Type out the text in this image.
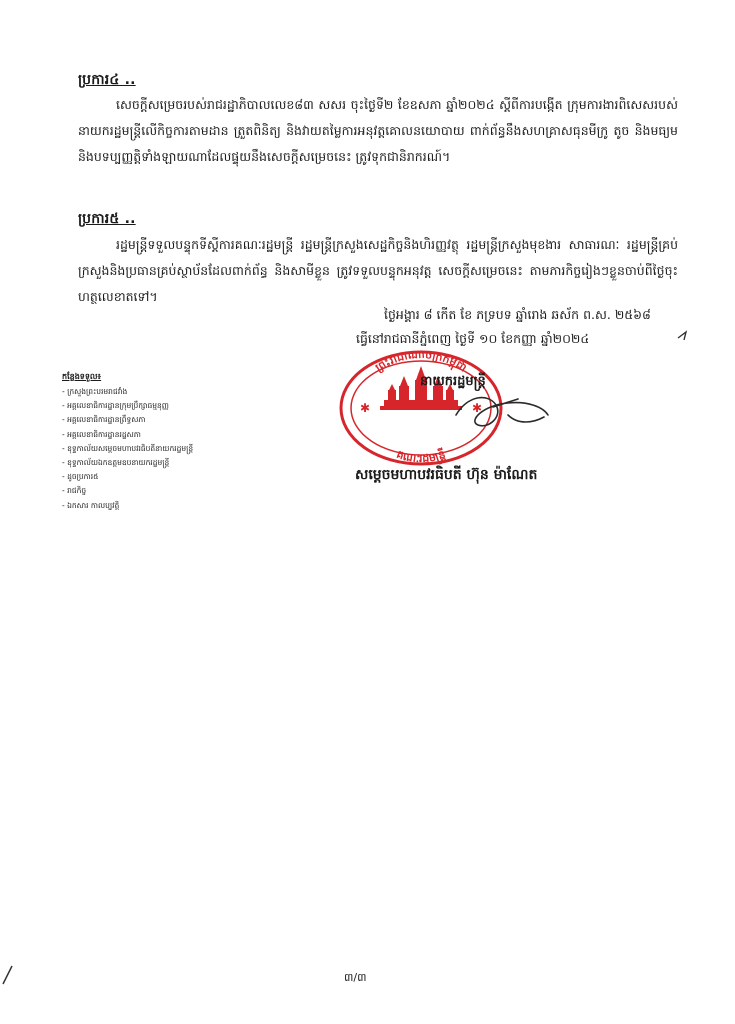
ប្រការ៤ ..
សេចក្តីសម្រេចរបស់រាជរដ្ឋាភិបាលលេខ៨៣ សសរ ចុះថ្ងៃទី២ ខែឧសភា ឆ្នាំ២០២៤ ស្តីពីការបង្កើត ក្រុមការងារពិសេសរបស់នាយករដ្ឋមន្ត្រីលើកិច្ចការតាមដាន ត្រួតពិនិត្យ និងវាយតម្លៃការអនុវត្តគោលនយោបាយ ពាក់ព័ន្ធនឹងសហគ្រាសធុនមីក្រូ តូច និងមធ្យម និងបទប្បញ្ញត្តិទាំងឡាយណាដែលផ្ទុយនឹងសេចក្តីសម្រេចនេះ ត្រូវទុកជានិរាករណ៍។
ប្រការ៥ ..
រដ្ឋមន្ត្រីទទួលបន្ទុកទីស្តីការគណៈរដ្ឋមន្ត្រី រដ្ឋមន្ត្រីក្រសួងសេដ្ឋកិច្ចនិងហិរញ្ញវត្ថុ រដ្ឋមន្ត្រីក្រសួងមុខងារ សាធារណៈ រដ្ឋមន្ត្រីគ្រប់ក្រសួងនិងប្រធានគ្រប់ស្ថាប័នដែលពាក់ព័ន្ធ និងសាមីខ្លួន ត្រូវទទួលបន្ទុកអនុវត្ត សេចក្តីសម្រេចនេះ តាមភារកិច្ចរៀងៗខ្លួនចាប់ពីថ្ងៃចុះហត្ថលេខាតទៅ។
ថ្ងៃអង្គារ ៨ កើត ខែ ភទ្របទ ឆ្នាំរោង ឆស័ក ព.ស. ២៥៦៨
ធ្វើនៅរាជធានីភ្នំពេញ ថ្ងៃទី ១០ ខែកញ្ញា ឆ្នាំ២០២៤
ព្រះរាជាណាចក្រកម្ពុជា
គណៈរដ្ឋមន្ត្រី
✱	✱
នាយករដ្ឋមន្ត្រី
សម្តេចមហាបវរធិបតី ហ៊ុន ម៉ាណែត
កន្លែងទទួល៖
- ក្រសួងព្រះបរមរាជវាំង
- អគ្គលេខាធិការដ្ឋានក្រុមប្រឹក្សាធម្មនុញ្ញ
- អគ្គលេខាធិការដ្ឋានព្រឹទ្ធសភា
- អគ្គលេខាធិការដ្ឋានរដ្ឋសភា
- ខុទ្ទកាល័យសម្តេចមហាបវរធិបតីនាយករដ្ឋមន្ត្រី
- ខុទ្ទកាល័យឯកឧត្តមឧបនាយករដ្ឋមន្ត្រី
- ដូចប្រការ៥
- រាជកិច្ច
- ឯកសារ កាលប្បវត្តិ
៣/៣
